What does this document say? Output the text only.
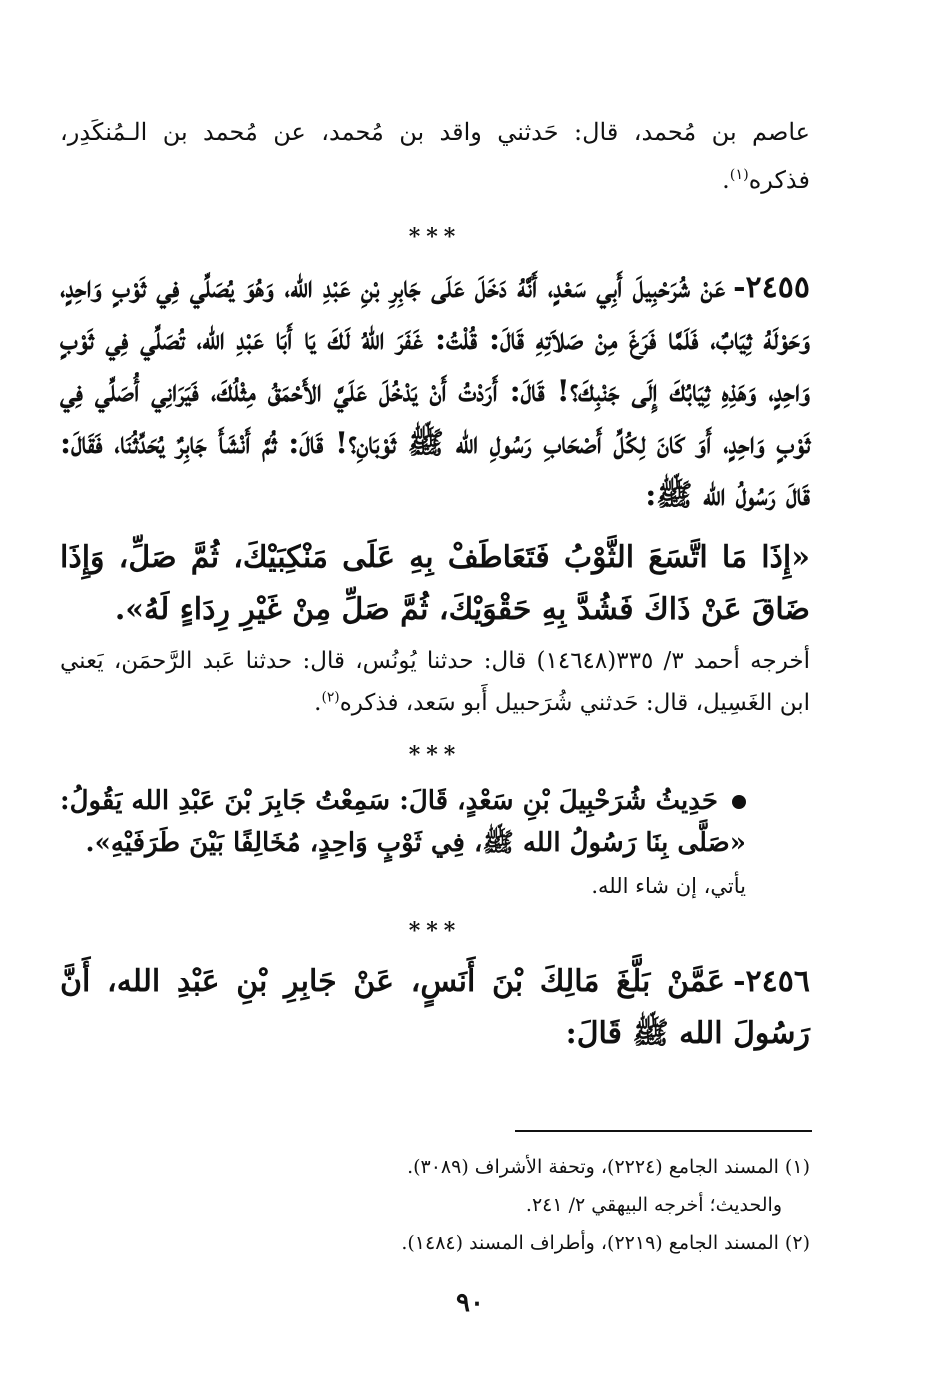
عاصم بن مُحمد، قال: حَدثني واقد بن مُحمد، عن مُحمد بن الـمُنكَدِر، فذكره$^{(١)}$.

***

٢٤٥٥-عَنْ شُرَحْبِيلَ أَبِي سَعْدٍ، أَنَّهُ دَخَلَ عَلَى جَابِرِ بْنِ عَبْدِ الله، وَهُوَ يُصَلِّي فِي ثَوْبٍ وَاحِدٍ، وَحَوْلَهُ ثِيَابٌ، فَلَمَّا فَرَغَ مِنْ صَلاَتِهِ قَالَ: قُلْتُ: غَفَرَ اللهُ لَكَ يَا أَبَا عَبْدِ الله، تُصَلِّي فِي ثَوْبٍ وَاحِدٍ، وَهَذِهِ ثِيَابُكَ إِلَى جَنْبِكَ؟! قَالَ: أَرَدْتُ أَنْ يَدْخُلَ عَلَيَّ الأَحْمَقُ مِثْلُكَ، فَيَرَانِي أُصَلِّي فِي ثَوْبٍ وَاحِدٍ، أَوَ كَانَ لِكُلِّ أَصْحَابِ رَسُولِ الله ﷺ ثَوْبَانِ؟! قَالَ: ثُمَّ أَنْشَأَ جَابِرٌ يُحَدِّثُنَا، فَقَالَ: قَالَ رَسُولُ الله ﷺ:

«إِذَا مَا اتَّسَعَ الثَّوْبُ فَتَعَاطَفْ بِهِ عَلَى مَنْكِبَيْكَ، ثُمَّ صَلِّ، وَإِذَا ضَاقَ عَنْ ذَاكَ فَشُدَّ بِهِ حَقْوَيْكَ، ثُمَّ صَلِّ مِنْ غَيْرِ رِدَاءٍ لَهُ».

أخرجه أحمد ٣/ ٣٣٥(١٤٦٤٨) قال: حدثنا يُونُس، قال: حدثنا عَبد الرَّحمَن، يَعني ابن الغَسِيل، قال: حَدثني شُرَحبيل أَبو سَعد، فذكره$^{(٢)}$.

***

حَدِيثُ شُرَحْبِيلَ بْنِ سَعْدٍ، قَالَ: سَمِعْتُ جَابِرَ بْنَ عَبْدِ الله يَقُولُ: «صَلَّى بِنَا رَسُولُ الله ﷺ، فِي ثَوْبٍ وَاحِدٍ، مُخَالِفًا بَيْنَ طَرَفَيْهِ».

يأتي، إن شاء الله.

***

٢٤٥٦-عَمَّنْ بَلَّغَ مَالِكَ بْنَ أَنَسٍ، عَنْ جَابِرِ بْنِ عَبْدِ الله، أَنَّ رَسُولَ الله ﷺ قَالَ:

(١) المسند الجامع (٢٢٢٤)، وتحفة الأشراف (٣٠٨٩).
والحديث؛ أخرجه البيهقي ٢/ ٢٤١.
(٢) المسند الجامع (٢٢١٩)، وأطراف المسند (١٤٨٤).
٩٠
